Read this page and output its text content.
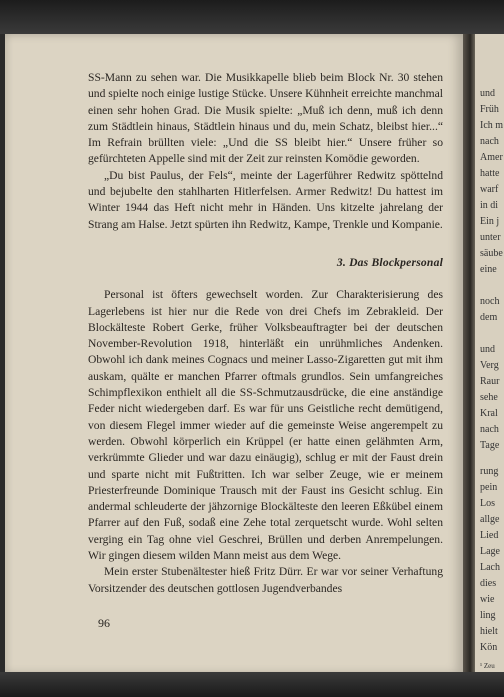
SS-Mann zu sehen war. Die Musikkapelle blieb beim Block Nr. 30 stehen und spielte noch einige lustige Stücke. Unsere Kühnheit erreichte manchmal einen sehr hohen Grad. Die Musik spielte: „Muß ich denn, muß ich denn zum Städtlein hinaus, Städtlein hinaus und du, mein Schatz, bleibst hier...“ Im Refrain brüllten viele: „Und die SS bleibt hier.“ Unsere früher so gefürchteten Appelle sind mit der Zeit zur reinsten Komödie geworden.

„Du bist Paulus, der Fels“, meinte der Lagerführer Redwitz spöttelnd und bejubelte den stahlharten Hitlerfelsen. Armer Redwitz! Du hattest im Winter 1944 das Heft nicht mehr in Händen. Uns kitzelte jahrelang der Strang am Halse. Jetzt spürten ihn Redwitz, Kampe, Trenkle und Kompanie.

3. Das Blockpersonal

Personal ist öfters gewechselt worden. Zur Charakterisierung des Lagerlebens ist hier nur die Rede von drei Chefs im Zebrakleid. Der Blockälteste Robert Gerke, früher Volksbeauftragter bei der deutschen November-Revolution 1918, hinterläßt ein unrühmliches Andenken. Obwohl ich dank meines Cognacs und meiner Lasso-Zigaretten gut mit ihm auskam, quälte er manchen Pfarrer oftmals grundlos. Sein umfangreiches Schimpflexikon enthielt all die SS-Schmutzausdrücke, die eine anständige Feder nicht wiedergeben darf. Es war für uns Geistliche recht demütigend, von diesem Flegel immer wieder auf die gemeinste Weise angerempelt zu werden. Obwohl körperlich ein Krüppel (er hatte einen gelähmten Arm, verkrümmte Glieder und war dazu einäugig), schlug er mit der Faust drein und sparte nicht mit Fußtritten. Ich war selber Zeuge, wie er meinem Priesterfreunde Dominique Trausch mit der Faust ins Gesicht schlug. Ein andermal schleuderte der jähzornige Blockälteste den leeren Eßkübel einem Pfarrer auf den Fuß, sodaß eine Zehe total zerquetscht wurde. Wohl selten verging ein Tag ohne viel Geschrei, Brüllen und derben Anrempelungen. Wir gingen diesem wilden Mann meist aus dem Wege.

Mein erster Stubenältester hieß Fritz Dürr. Er war vor seiner Verhaftung Vorsitzender des deutschen gottlosen Jugendverbandes

96
und
Früh
Ich m
nach
Amer
hatte
warf
in di
Ein j
unter
säube
eine
noch
dem
und
Verg
Raur
sehe
Kral
nach
Tage
rung
pein
Los
allge
Lied
Lage
Lach
dies
wie
ling
hielt
Kön
¹ Zeu
